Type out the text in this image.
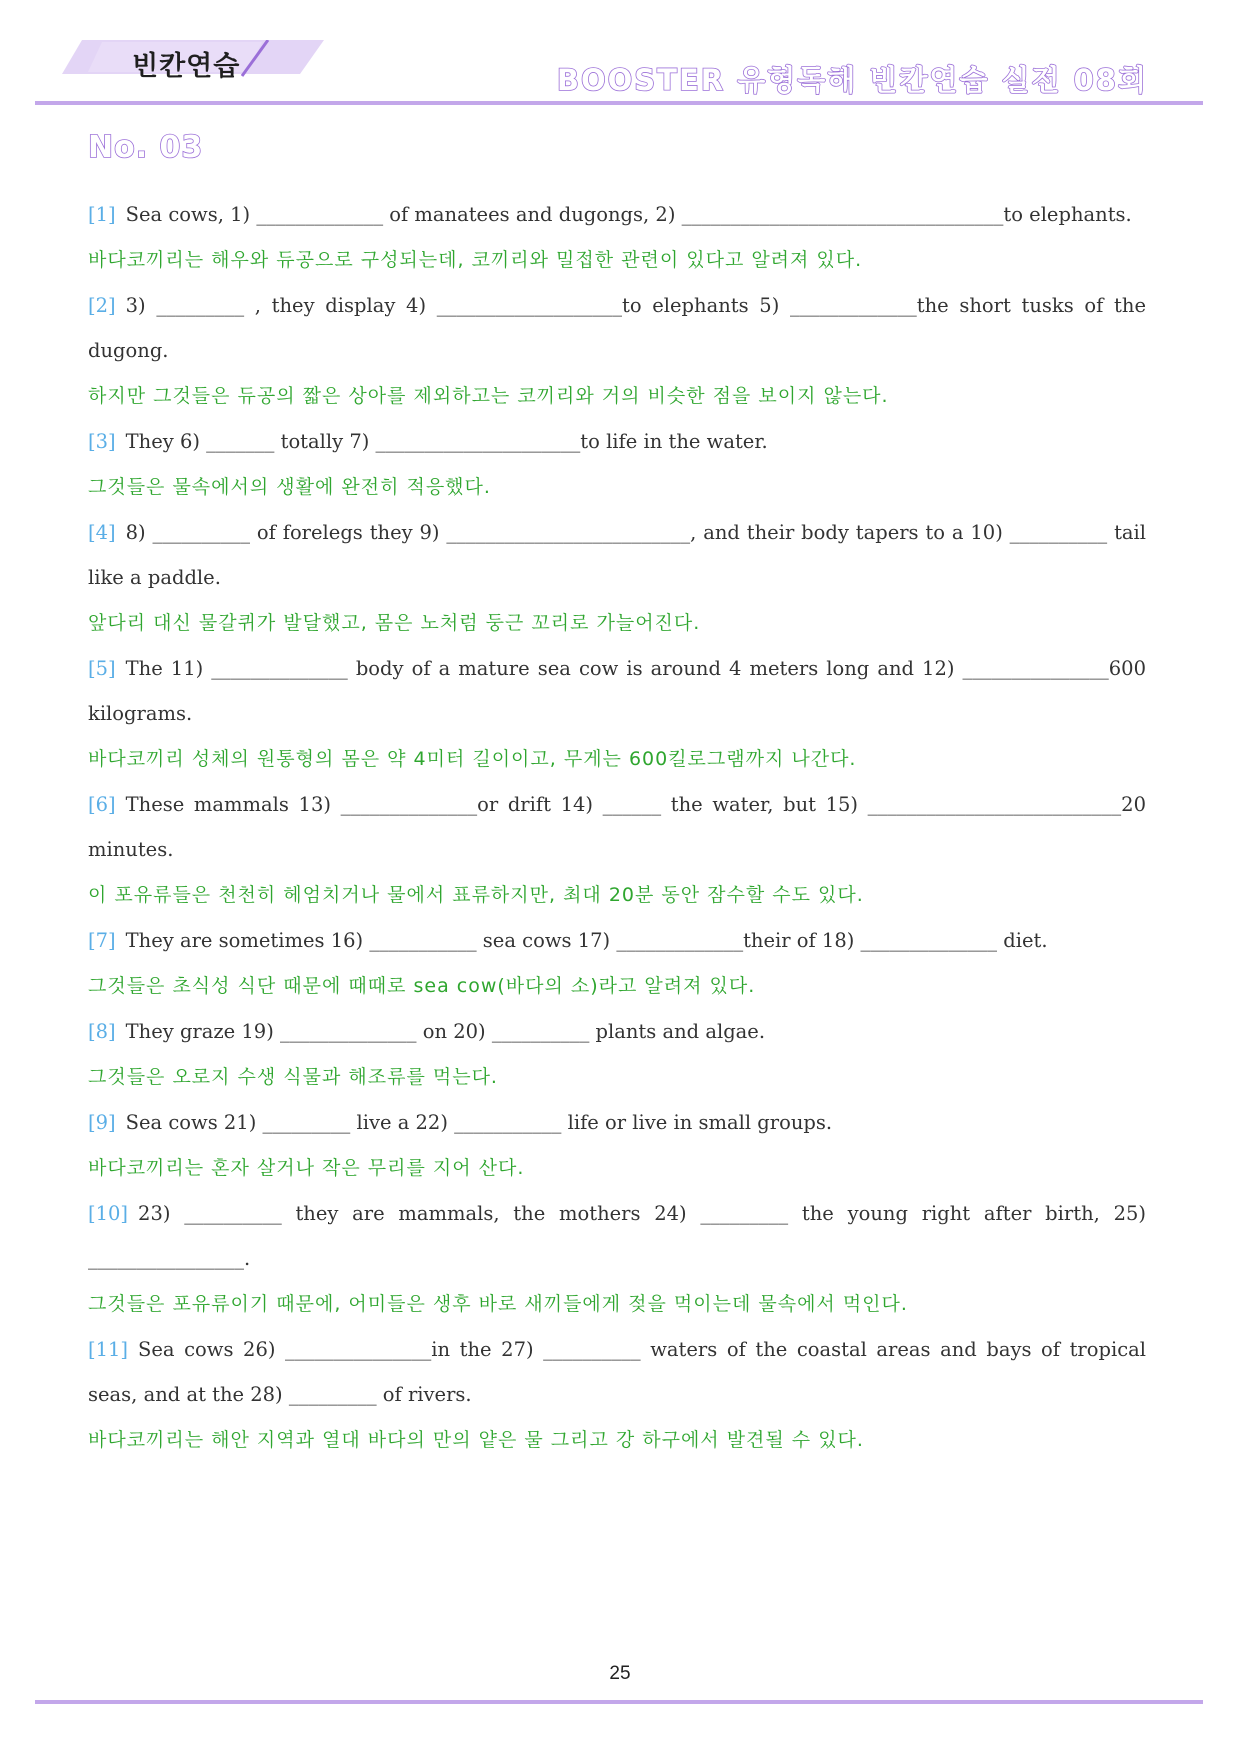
빈칸연습	BOOSTER 유형독해 빈칸연습 실전 08회
No. 03

[1] Sea cows, 1) _____________ of manatees and dugongs, 2) _________________________________to elephants.

바다코끼리는 해우와 듀공으로 구성되는데, 코끼리와 밀접한 관련이 있다고 알려져 있다.

[2] 3) _________ , they display 4) ___________________to elephants 5) _____________the short tusks of the dugong.

하지만 그것들은 듀공의 짧은 상아를 제외하고는 코끼리와 거의 비슷한 점을 보이지 않는다.

[3] They 6) _______ totally 7) _____________________to life in the water.

그것들은 물속에서의 생활에 완전히 적응했다.

[4] 8) __________ of forelegs they 9) _________________________, and their body tapers to a 10) __________ tail like a paddle.

앞다리 대신 물갈퀴가 발달했고, 몸은 노처럼 둥근 꼬리로 가늘어진다.

[5] The 11) ______________ body of a mature sea cow is around 4 meters long and 12) _______________600 kilograms.

바다코끼리 성체의 원통형의 몸은 약 4미터 길이이고, 무게는 600킬로그램까지 나간다.

[6] These mammals 13) ______________or drift 14) ______ the water, but 15) __________________________20 minutes.

이 포유류들은 천천히 헤엄치거나 물에서 표류하지만, 최대 20분 동안 잠수할 수도 있다.

[7] They are sometimes 16) ___________ sea cows 17) _____________their of 18) ______________ diet.

그것들은 초식성 식단 때문에 때때로 sea cow(바다의 소)라고 알려져 있다.

[8] They graze 19) ______________ on 20) __________ plants and algae.

그것들은 오로지 수생 식물과 해조류를 먹는다.

[9] Sea cows 21) _________ live a 22) ___________ life or live in small groups.

바다코끼리는 혼자 살거나 작은 무리를 지어 산다.

[10] 23) __________ they are mammals, the mothers 24) _________ the young right after birth, 25) ________________.

그것들은 포유류이기 때문에, 어미들은 생후 바로 새끼들에게 젖을 먹이는데 물속에서 먹인다.

[11] Sea cows 26) _______________in the 27) __________ waters of the coastal areas and bays of tropical seas, and at the 28) _________ of rivers.

바다코끼리는 해안 지역과 열대 바다의 만의 얕은 물 그리고 강 하구에서 발견될 수 있다.

25
